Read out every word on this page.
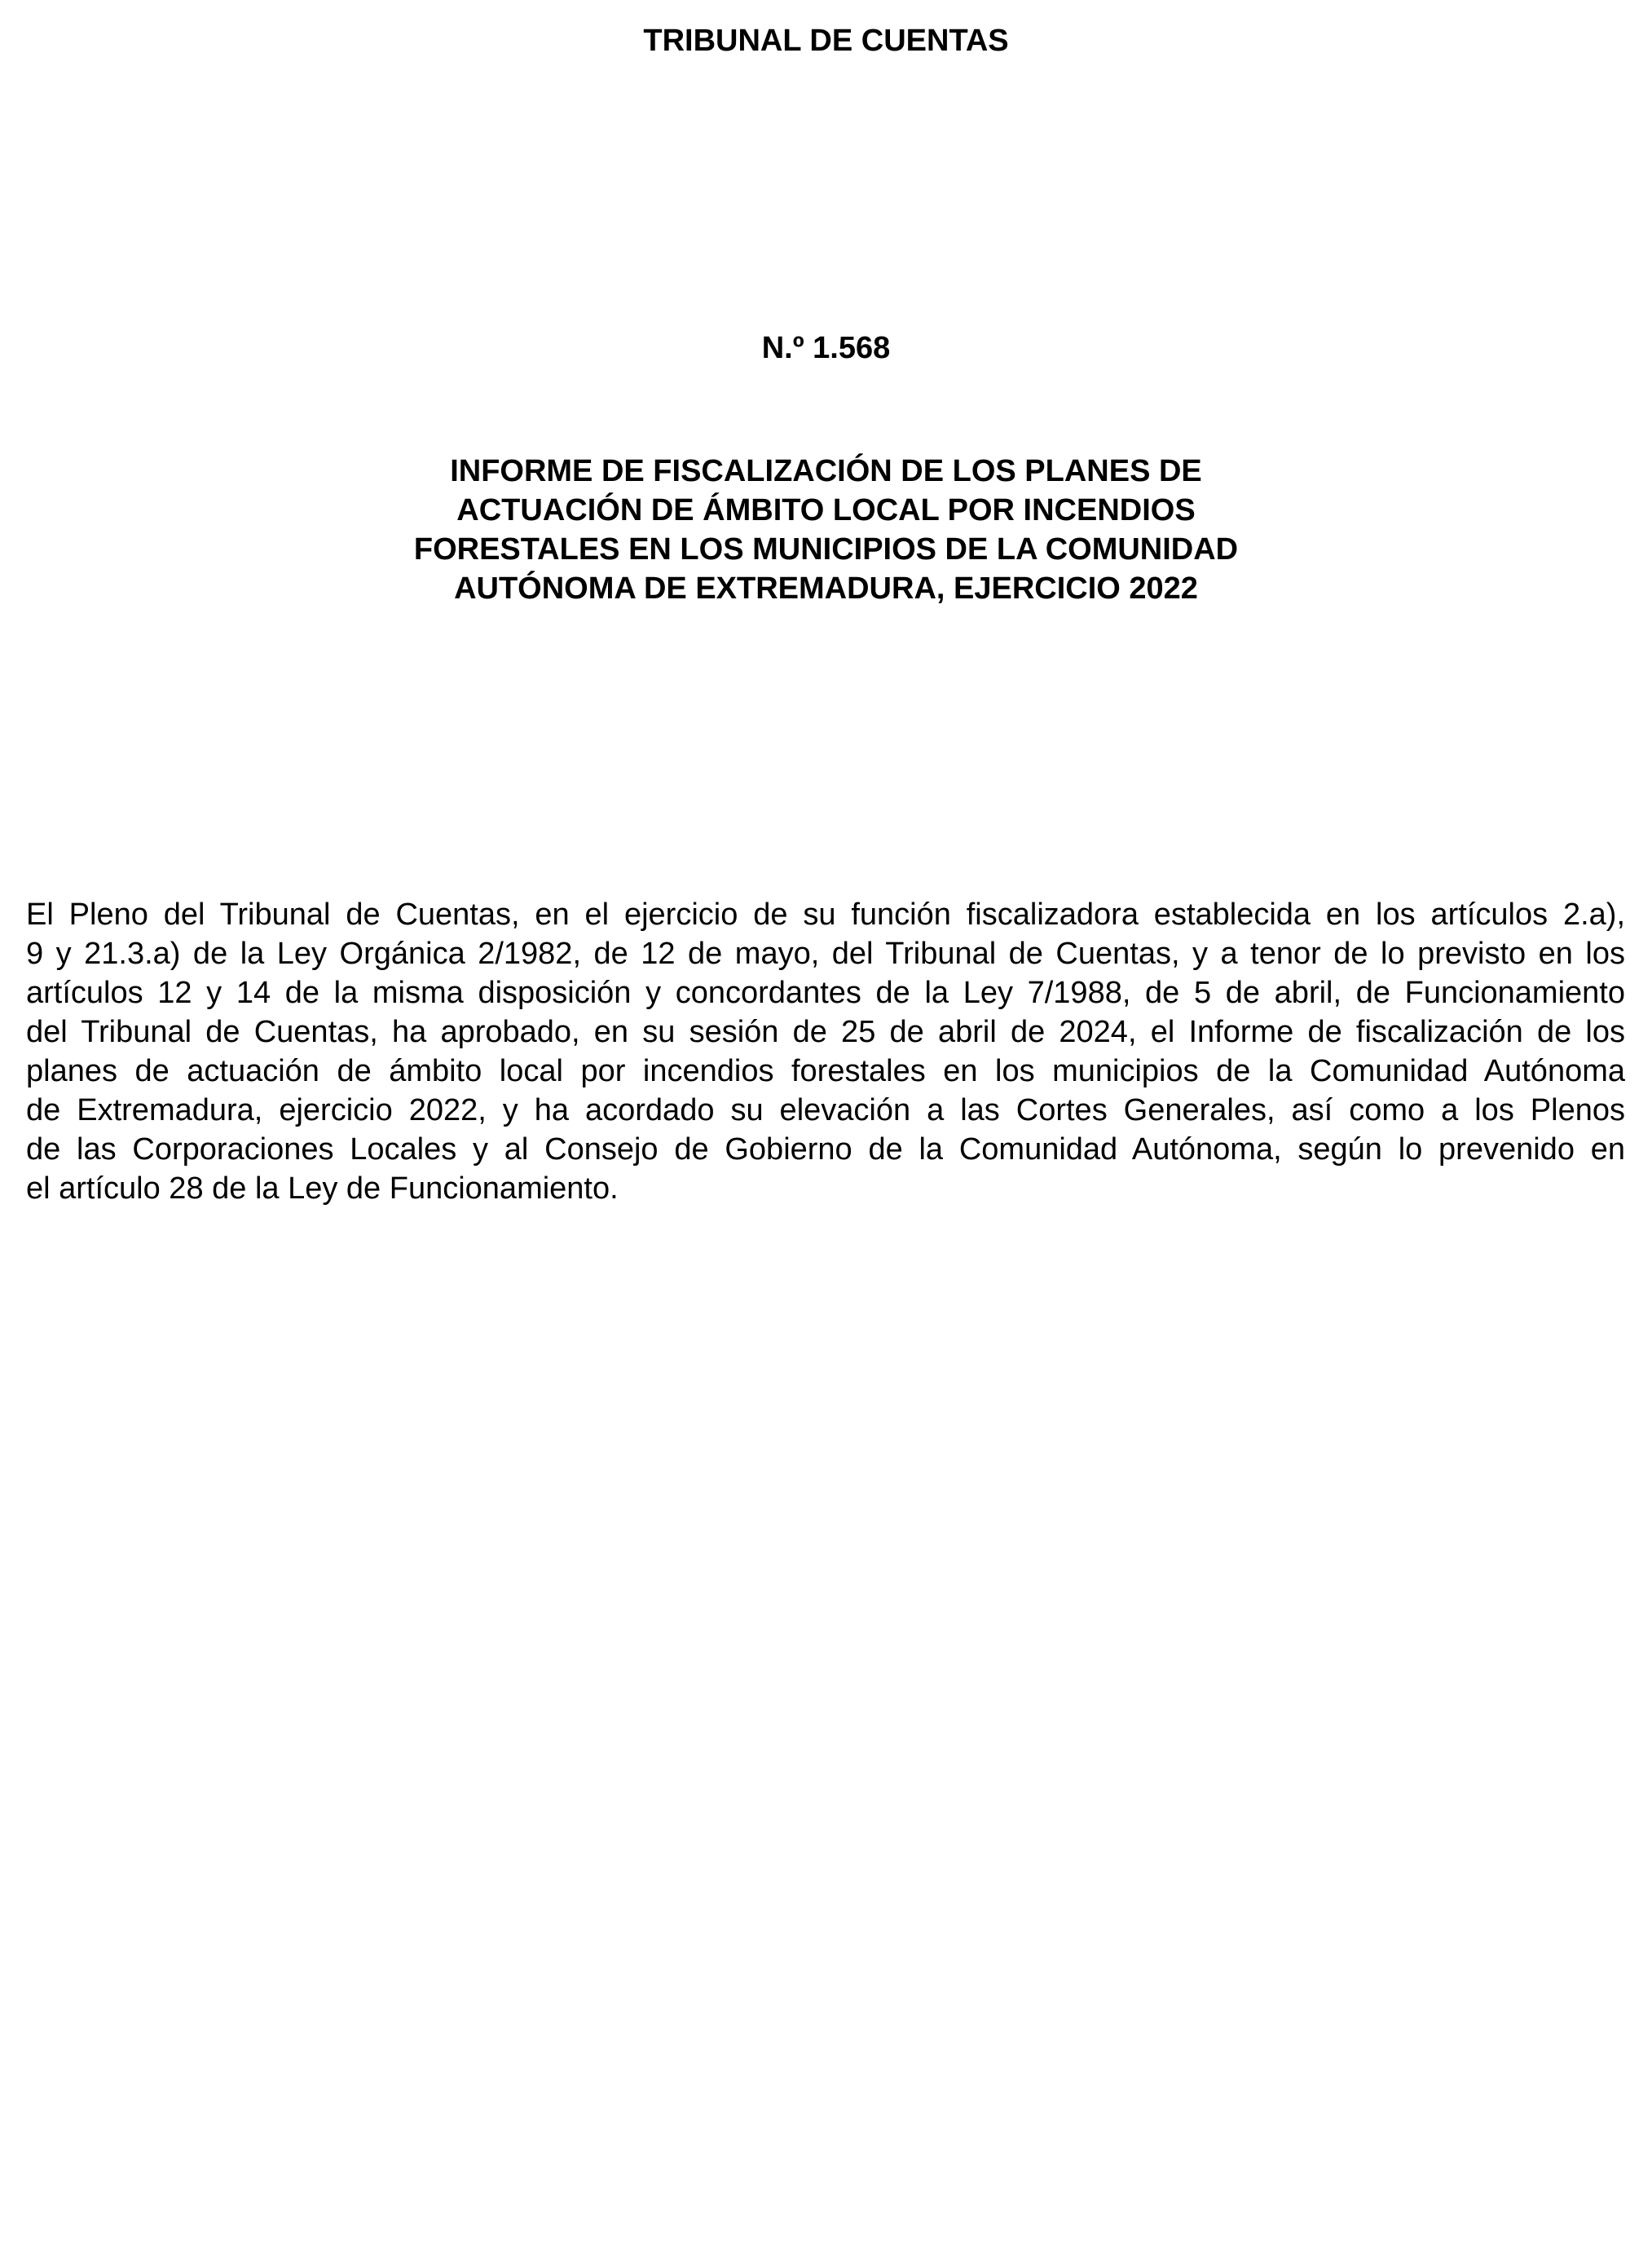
TRIBUNAL DE CUENTAS
N.º 1.568
INFORME DE FISCALIZACIÓN DE LOS PLANES DE
ACTUACIÓN DE ÁMBITO LOCAL POR INCENDIOS
FORESTALES EN LOS MUNICIPIOS DE LA COMUNIDAD
AUTÓNOMA DE EXTREMADURA, EJERCICIO 2022
El Pleno del Tribunal de Cuentas, en el ejercicio de su función fiscalizadora establecida en los artículos 2.a),
9 y 21.3.a) de la Ley Orgánica 2/1982, de 12 de mayo, del Tribunal de Cuentas, y a tenor de lo previsto en los
artículos 12 y 14 de la misma disposición y concordantes de la Ley 7/1988, de 5 de abril, de Funcionamiento
del Tribunal de Cuentas, ha aprobado, en su sesión de 25 de abril de 2024, el Informe de fiscalización de los
planes de actuación de ámbito local por incendios forestales en los municipios de la Comunidad Autónoma
de Extremadura, ejercicio 2022, y ha acordado su elevación a las Cortes Generales, así como a los Plenos
de las Corporaciones Locales y al Consejo de Gobierno de la Comunidad Autónoma, según lo prevenido en
el artículo 28 de la Ley de Funcionamiento.
